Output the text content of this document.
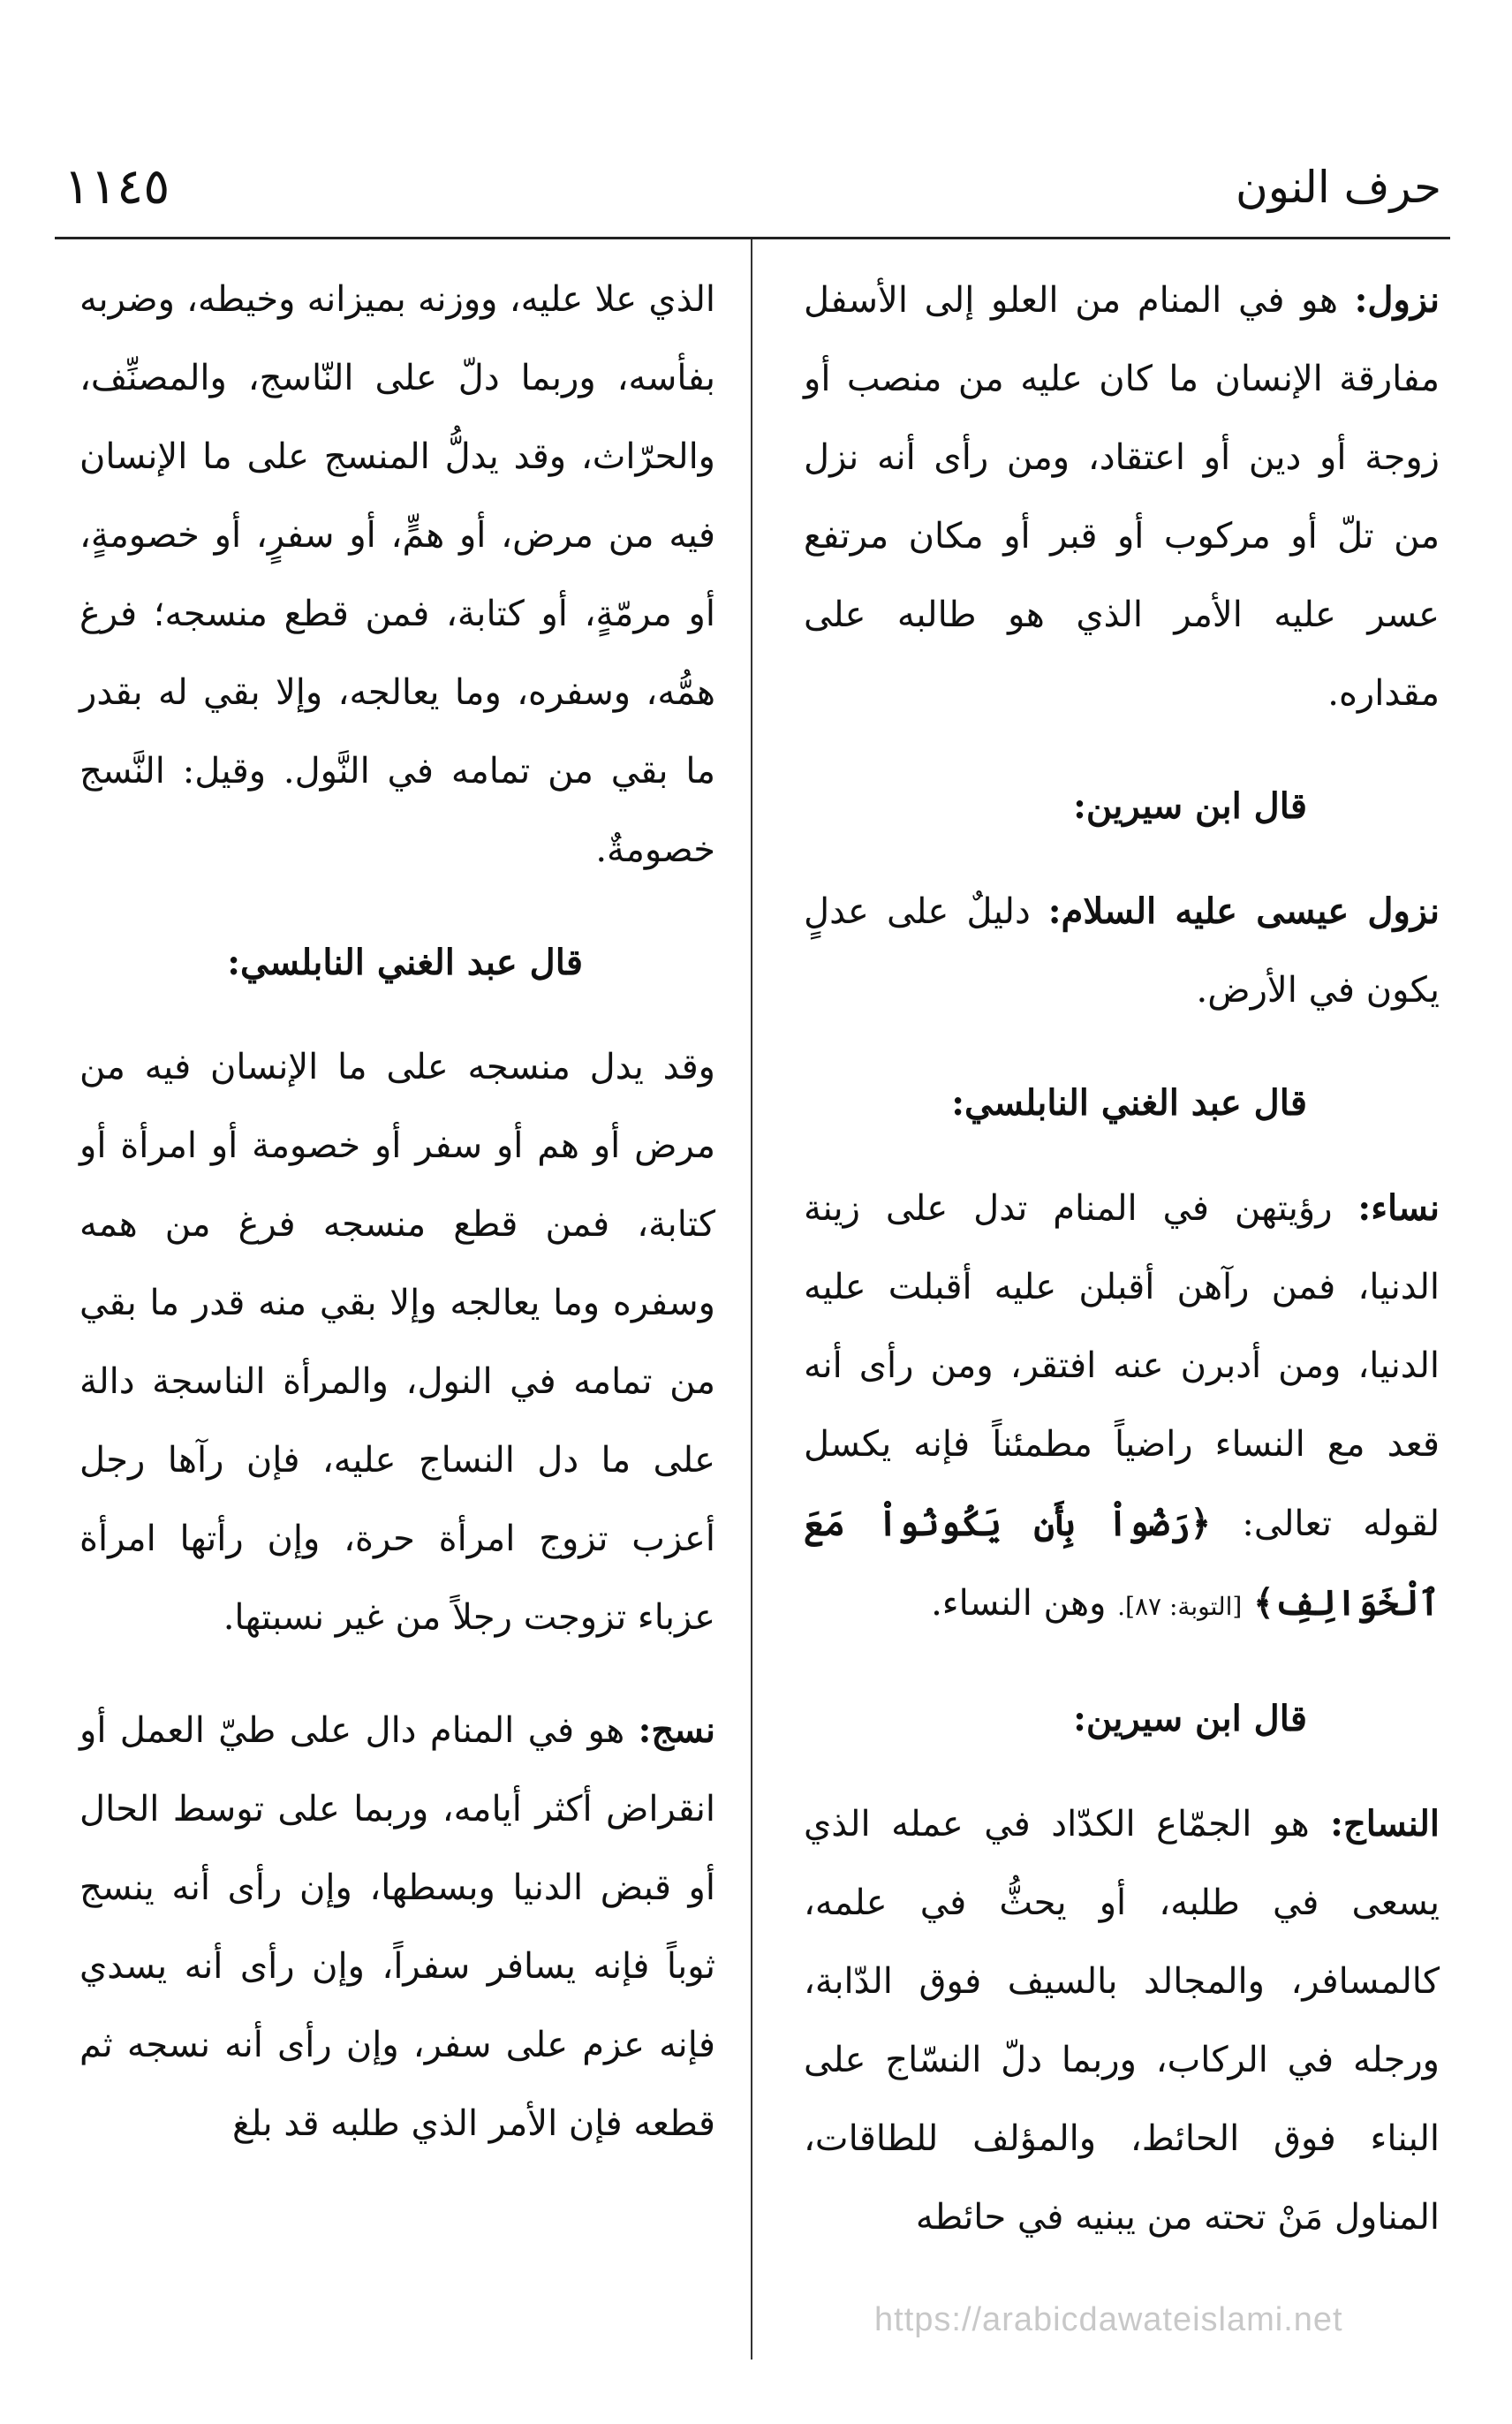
١١٤٥	حرف النون

نزول: هو في المنام من العلو إلى الأسفل مفارقة الإنسان ما كان عليه من منصب أو زوجة أو دين أو اعتقاد، ومن رأى أنه نزل من تلّ أو مركوب أو قبر أو مكان مرتفع عسر عليه الأمر الذي هو طالبه على مقداره.

قال ابن سيرين:

نزول عيسى عليه السلام: دليلٌ على عدلٍ يكون في الأرض.

قال عبد الغني النابلسي:

نساء: رؤيتهن في المنام تدل على زينة الدنيا، فمن رآهن أقبلن عليه أقبلت عليه الدنيا، ومن أدبرن عنه افتقر، ومن رأى أنه قعد مع النساء راضياً مطمئناً فإنه يكسل لقوله تعالى: ﴿رَضُواْ بِأَن يَكُونُواْ مَعَ ٱلْخَوَالِفِ﴾ [التوبة: ٨٧]. وهن النساء.

قال ابن سيرين:

النساج: هو الجمّاع الكدّاد في عمله الذي يسعى في طلبه، أو يحثُّ في علمه، كالمسافر، والمجالد بالسيف فوق الدّابة، ورجله في الركاب، وربما دلّ النسّاج على البناء فوق الحائط، والمؤلف للطاقات، المناول مَنْ تحته من يبنيه في حائطه

الذي علا عليه، ووزنه بميزانه وخيطه، وضربه بفأسه، وربما دلّ على النّاسج، والمصنِّف، والحرّاث، وقد يدلُّ المنسج على ما الإنسان فيه من مرض، أو همٍّ، أو سفرٍ، أو خصومةٍ، أو مرمّةٍ، أو كتابة، فمن قطع منسجه؛ فرغ همُّه، وسفره، وما يعالجه، وإلا بقي له بقدر ما بقي من تمامه في النَّول. وقيل: النَّسج خصومةٌ.

قال عبد الغني النابلسي:

وقد يدل منسجه على ما الإنسان فيه من مرض أو هم أو سفر أو خصومة أو امرأة أو كتابة، فمن قطع منسجه فرغ من همه وسفره وما يعالجه وإلا بقي منه قدر ما بقي من تمامه في النول، والمرأة الناسجة دالة على ما دل النساج عليه، فإن رآها رجل أعزب تزوج امرأة حرة، وإن رأتها امرأة عزباء تزوجت رجلاً من غير نسبتها.

نسج: هو في المنام دال على طيّ العمل أو انقراض أكثر أيامه، وربما على توسط الحال أو قبض الدنيا وبسطها، وإن رأى أنه ينسج ثوباً فإنه يسافر سفراً، وإن رأى أنه يسدي فإنه عزم على سفر، وإن رأى أنه نسجه ثم قطعه فإن الأمر الذي طلبه قد بلغ

https://arabicdawateislami.net
